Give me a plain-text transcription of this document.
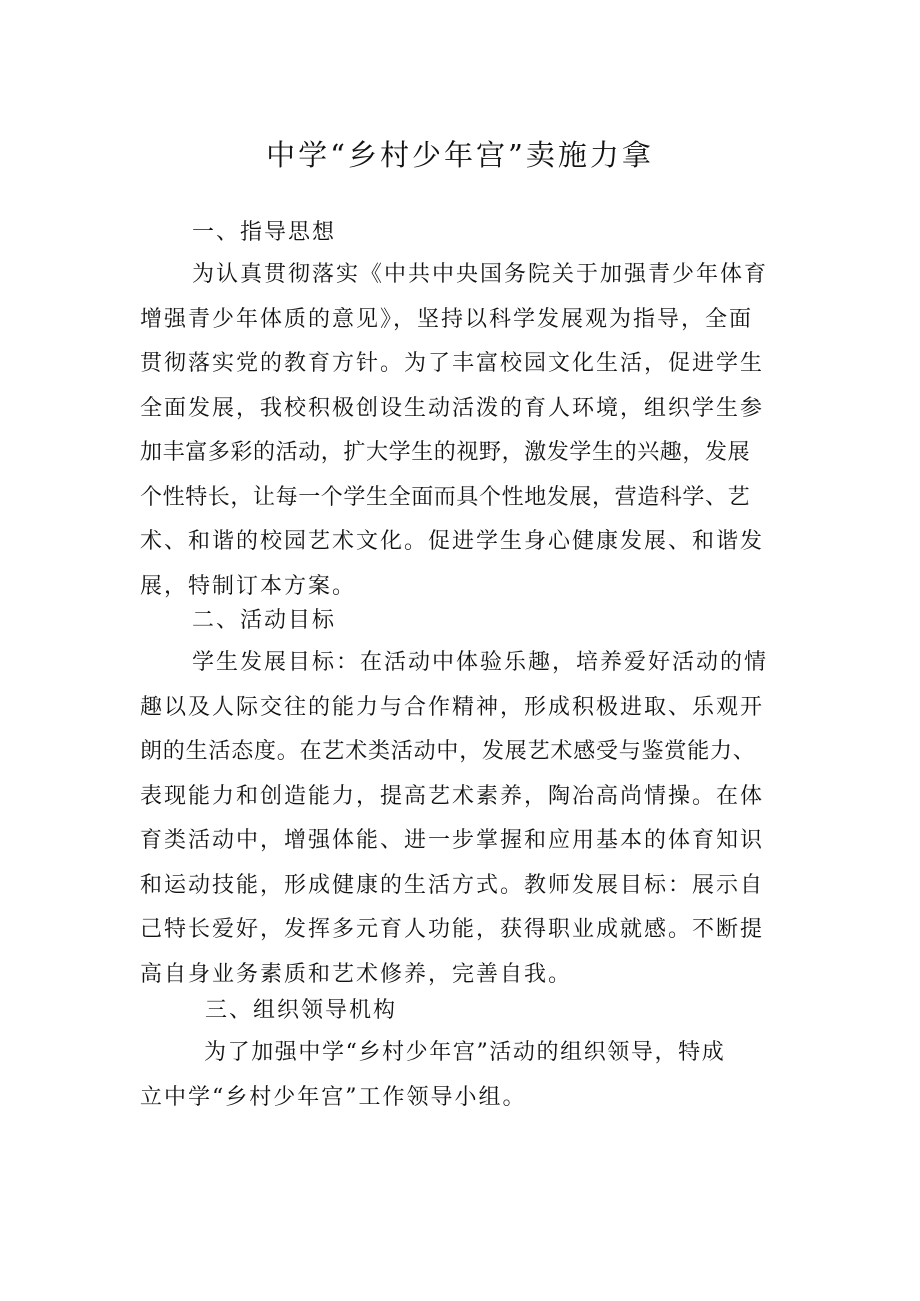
中学“乡村少年宫”卖施力拿
一、指导思想
为认真贯彻落实《中共中央国务院关于加强青少年体育
增强青少年体质的意见》，坚持以科学发展观为指导，全面
贯彻落实党的教育方针。为了丰富校园文化生活，促进学生
全面发展，我校积极创设生动活泼的育人环境，组织学生参
加丰富多彩的活动，扩大学生的视野，激发学生的兴趣，发展
个性特长，让每一个学生全面而具个性地发展，营造科学、艺
术、和谐的校园艺术文化。促进学生身心健康发展、和谐发
展，特制订本方案。
二、活动目标
学生发展目标：在活动中体验乐趣，培养爱好活动的情
趣以及人际交往的能力与合作精神，形成积极进取、乐观开
朗的生活态度。在艺术类活动中，发展艺术感受与鉴赏能力、
表现能力和创造能力，提高艺术素养，陶冶高尚情操。在体
育类活动中，增强体能、进一步掌握和应用基本的体育知识
和运动技能，形成健康的生活方式。教师发展目标：展示自
己特长爱好，发挥多元育人功能，获得职业成就感。不断提
高自身业务素质和艺术修养，完善自我。
三、组织领导机构
为了加强中学“乡村少年宫”活动的组织领导，特成
立中学“乡村少年宫”工作领导小组。
